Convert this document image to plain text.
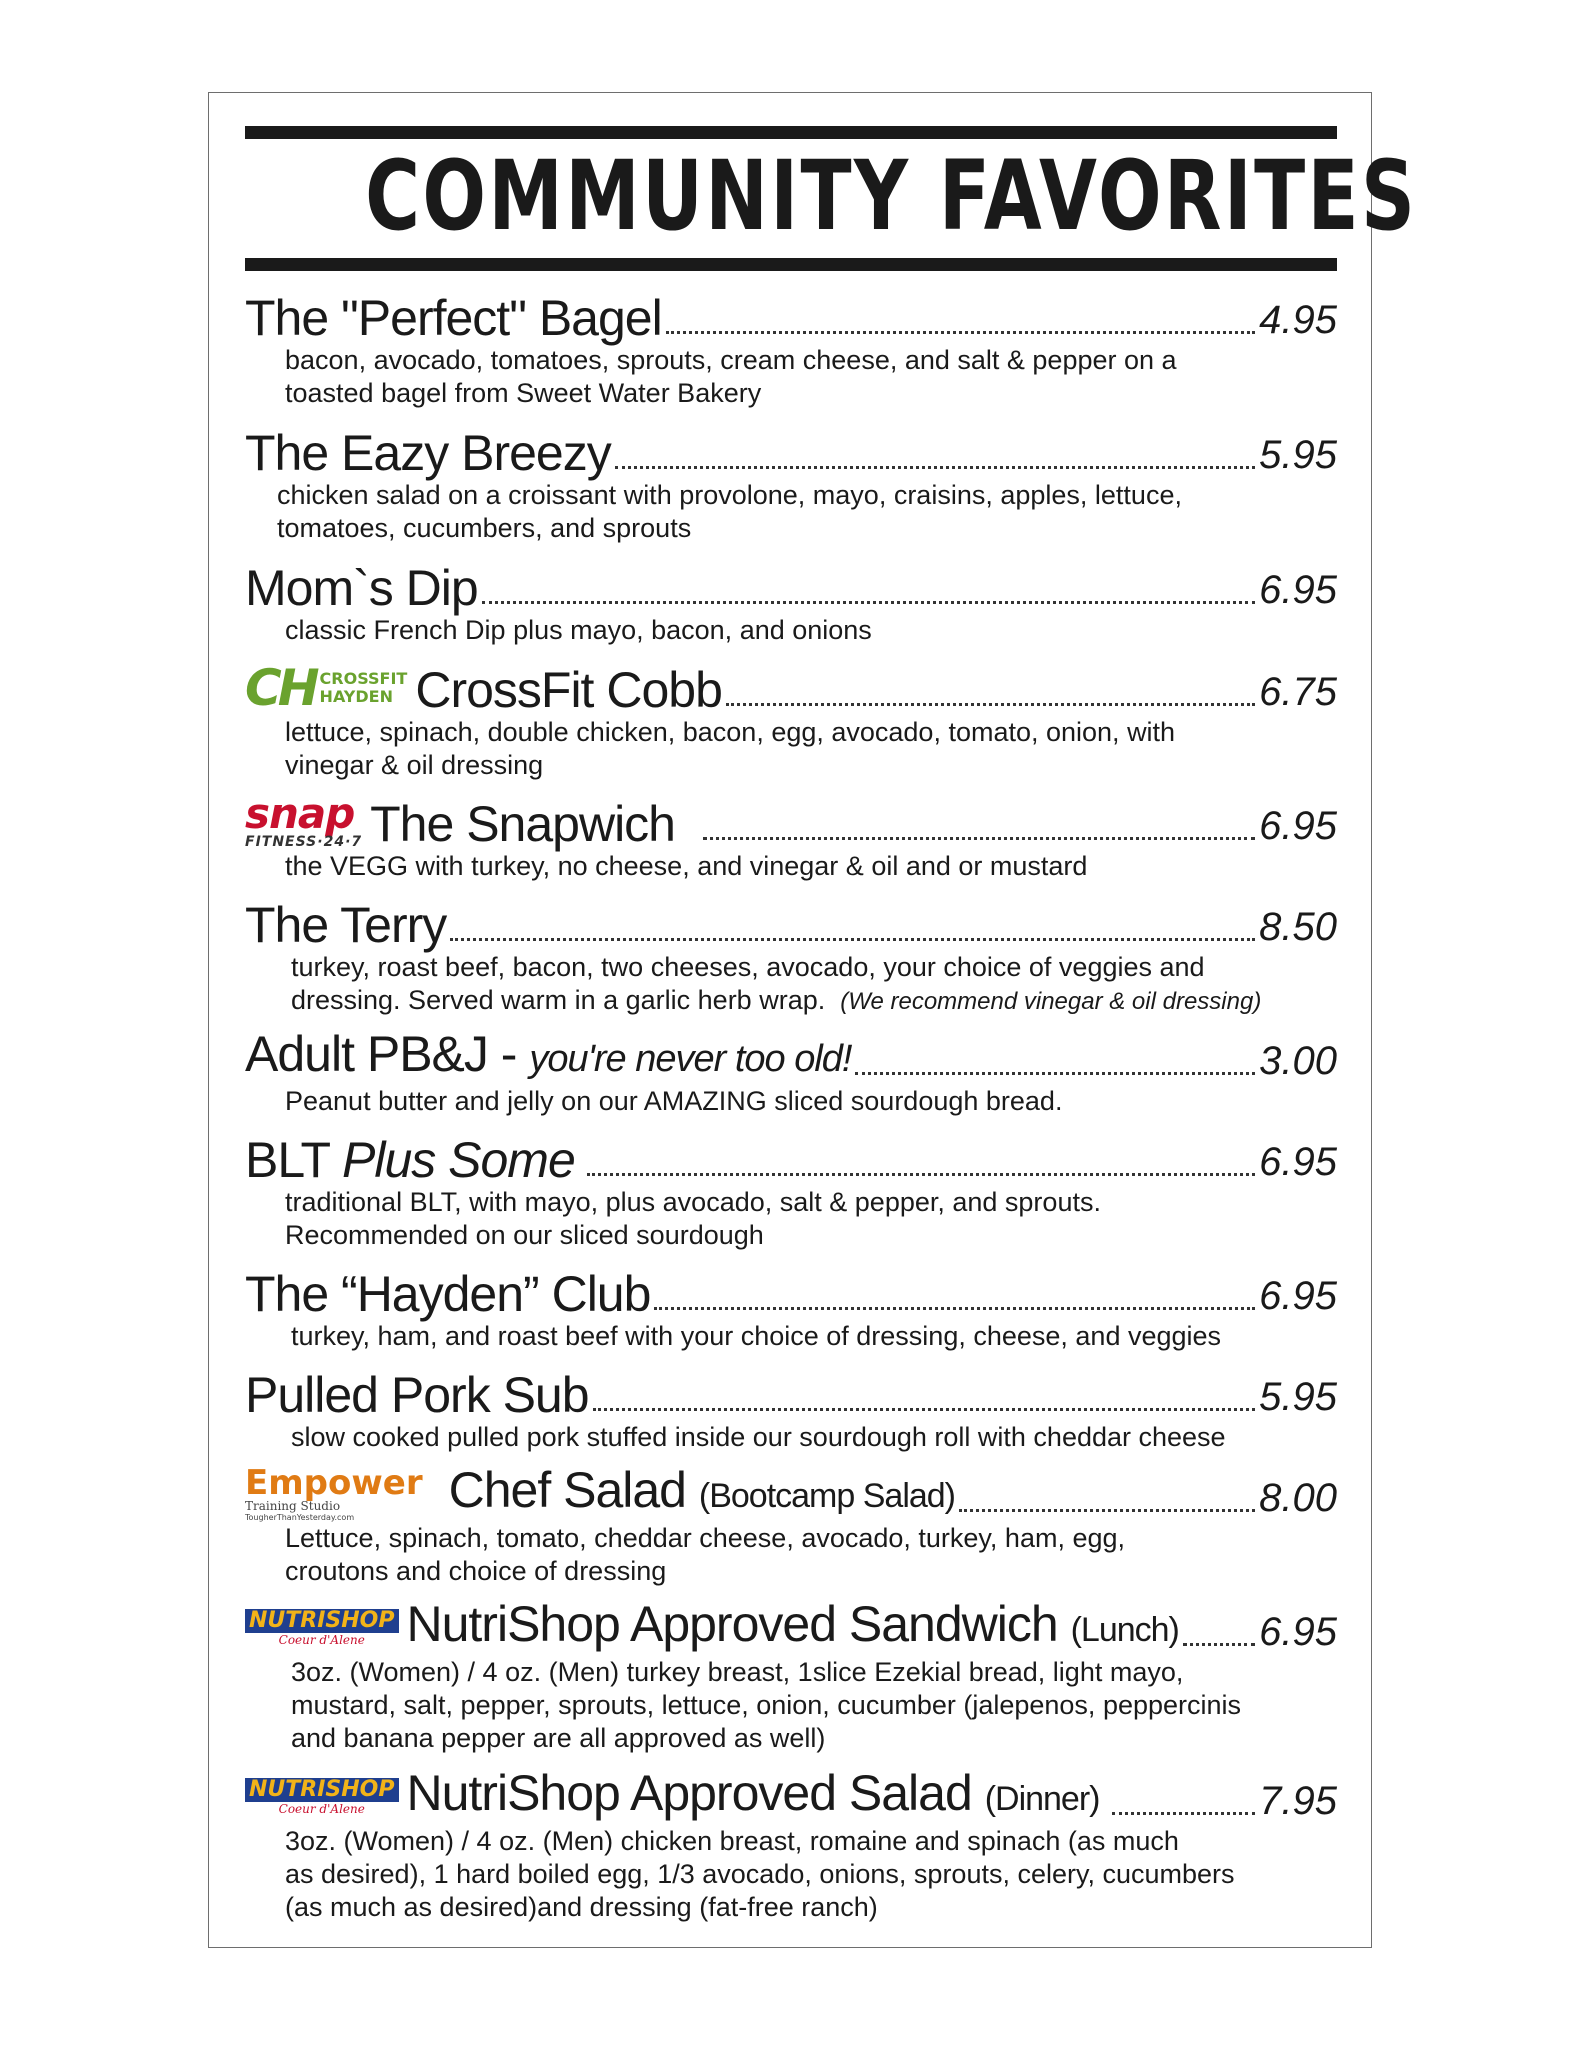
COMMUNITY FAVORITES
The "Perfect" Bagel	4.95
bacon, avocado, tomatoes, sprouts, cream cheese, and salt & pepper on a
toasted bagel from Sweet Water Bakery
The Eazy Breezy	5.95
chicken salad on a croissant with provolone, mayo, craisins, apples, lettuce,
tomatoes, cucumbers, and sprouts
Mom`s Dip	6.95
classic French Dip plus mayo, bacon, and onions
CH CROSSFIT
HAYDEN CrossFit Cobb	6.75
lettuce, spinach, double chicken, bacon, egg, avocado, tomato, onion, with
vinegar & oil dressing
snap
FITNESS·24·7 The Snapwich	6.95
the VEGG with turkey, no cheese, and vinegar & oil and or mustard
The Terry	8.50
turkey, roast beef, bacon, two cheeses, avocado, your choice of veggies and
dressing. Served warm in a garlic herb wrap. (We recommend vinegar & oil dressing)
Adult PB&J - you're never too old!	3.00
Peanut butter and jelly on our AMAZING sliced sourdough bread.
BLT Plus Some	6.95
traditional BLT, with mayo, plus avocado, salt & pepper, and sprouts.
Recommended on our sliced sourdough
The “Hayden” Club	6.95
turkey, ham, and roast beef with your choice of dressing, cheese, and veggies
Pulled Pork Sub	5.95
slow cooked pulled pork stuffed inside our sourdough roll with cheddar cheese
Empower
Training Studio
TougherThanYesterday.com	Chef Salad (Bootcamp Salad)	8.00
Lettuce, spinach, tomato, cheddar cheese, avocado, turkey, ham, egg,
croutons and choice of dressing
NUTRISHOP
Coeur d'Alene NutriShop Approved Sandwich (Lunch) 6.95
3oz. (Women) / 4 oz. (Men) turkey breast, 1slice Ezekial bread, light mayo,
mustard, salt, pepper, sprouts, lettuce, onion, cucumber (jalepenos, peppercinis
and banana pepper are all approved as well)
NUTRISHOP
Coeur d'Alene NutriShop Approved Salad (Dinner)	7.95
3oz. (Women) / 4 oz. (Men) chicken breast, romaine and spinach (as much
as desired), 1 hard boiled egg, 1/3 avocado, onions, sprouts, celery, cucumbers
(as much as desired)and dressing (fat-free ranch)
